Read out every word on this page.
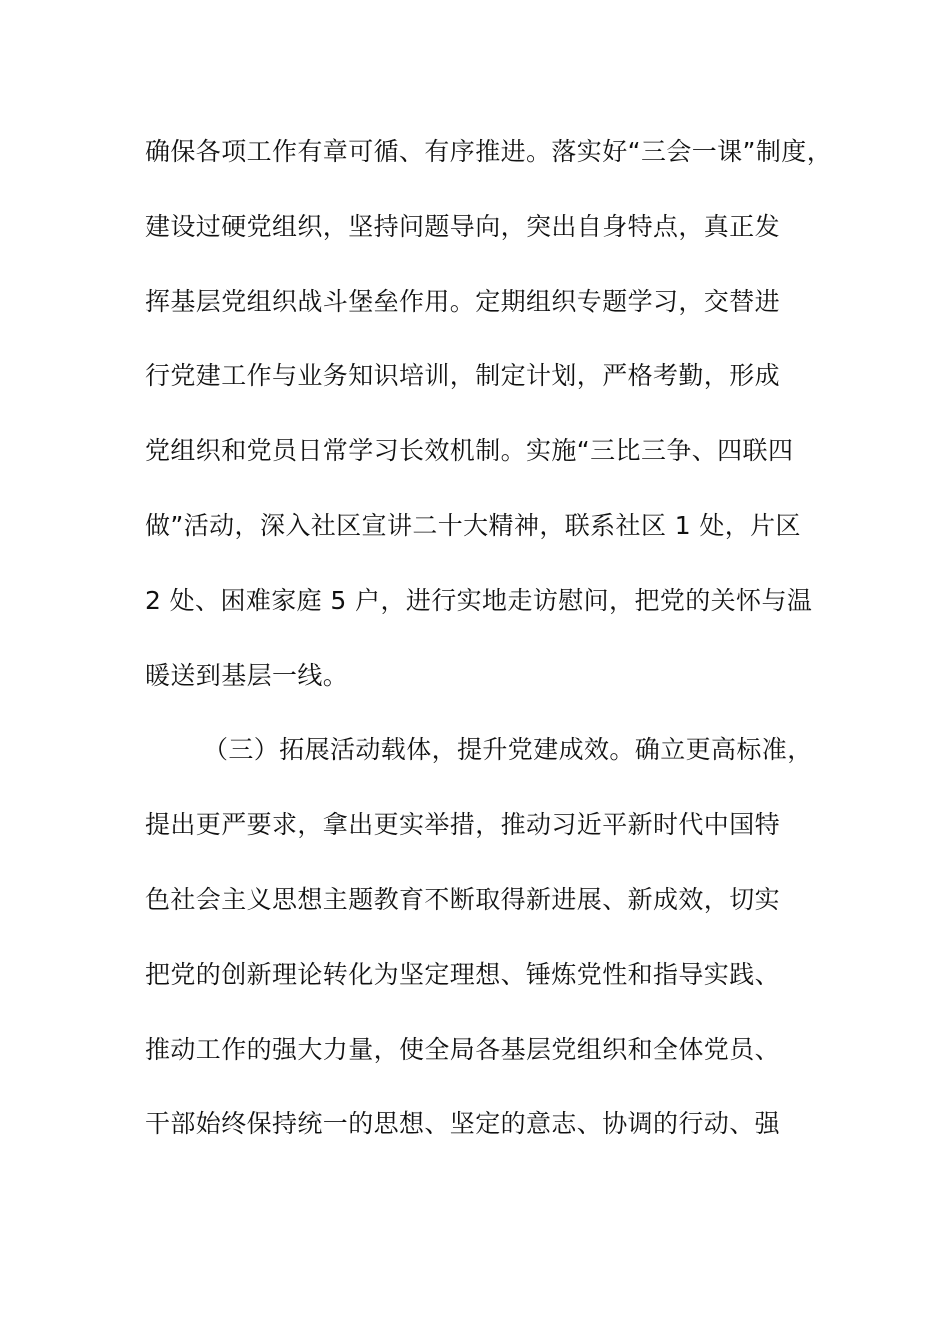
确保各项工作有章可循、有序推进。落实好“三会一课”制度，
建设过硬党组织，坚持问题导向，突出自身特点，真正发
挥基层党组织战斗堡垒作用。定期组织专题学习，交替进
行党建工作与业务知识培训，制定计划，严格考勤，形成
党组织和党员日常学习长效机制。实施“三比三争、四联四
做”活动，深入社区宣讲二十大精神，联系社区 1 处，片区
2 处、困难家庭 5 户，进行实地走访慰问，把党的关怀与温
暖送到基层一线。
（三）拓展活动载体，提升党建成效。确立更高标准，
提出更严要求，拿出更实举措，推动习近平新时代中国特
色社会主义思想主题教育不断取得新进展、新成效，切实
把党的创新理论转化为坚定理想、锤炼党性和指导实践、
推动工作的强大力量，使全局各基层党组织和全体党员、
干部始终保持统一的思想、坚定的意志、协调的行动、强
